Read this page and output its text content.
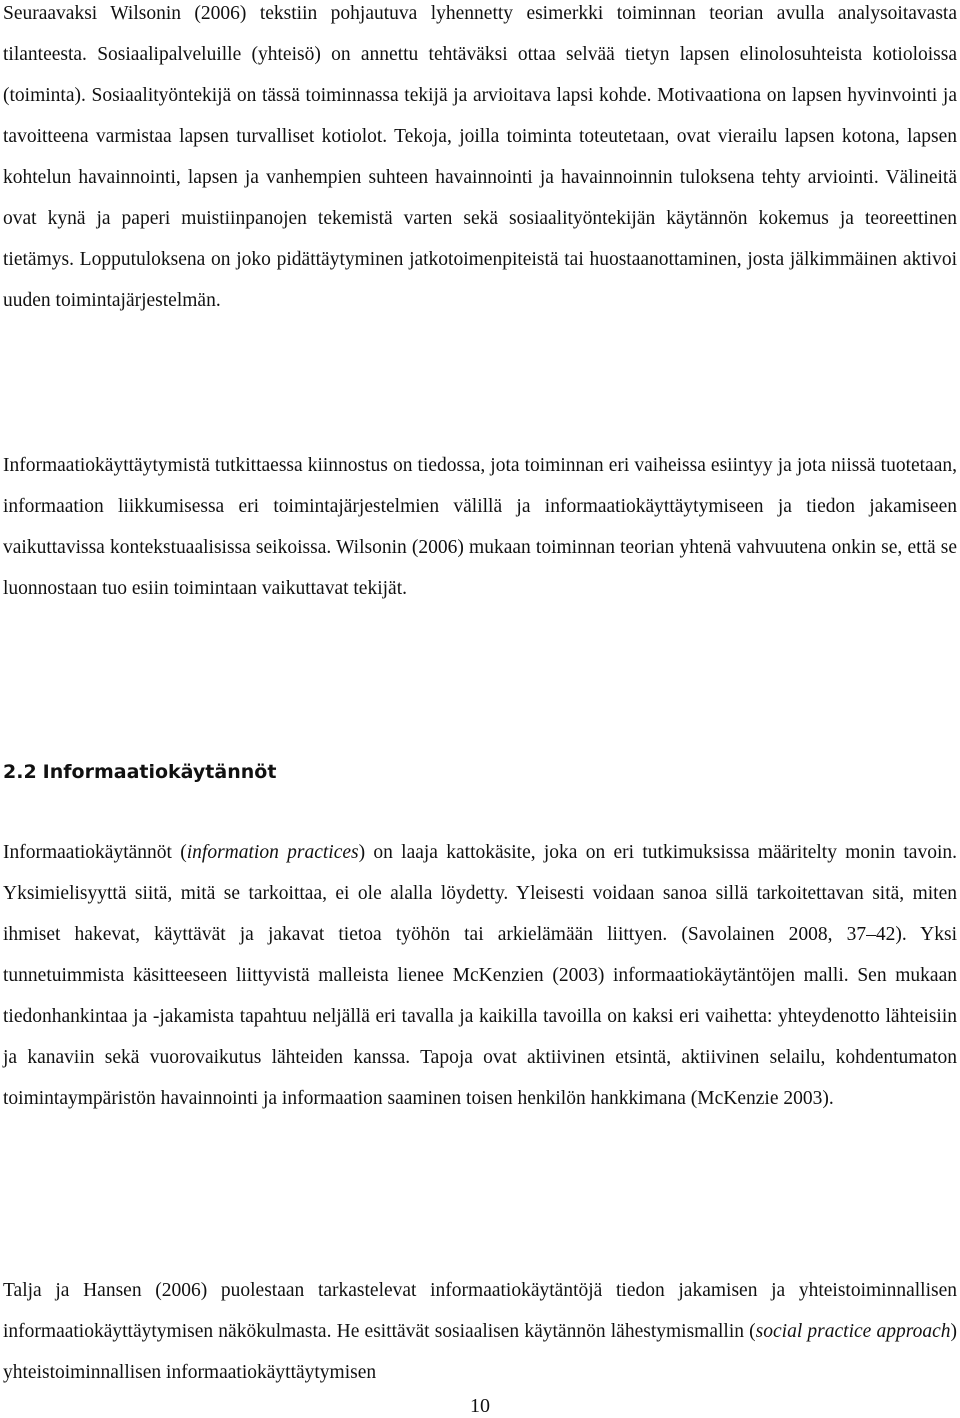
Seuraavaksi Wilsonin (2006) tekstiin pohjautuva lyhennetty esimerkki toiminnan teorian avulla analysoitavasta tilanteesta. Sosiaalipalveluille (yhteisö) on annettu tehtäväksi ottaa selvää tietyn lapsen elinolosuhteista kotioloissa (toiminta). Sosiaalityöntekijä on tässä toiminnassa tekijä ja arvioitava lapsi kohde. Motivaationa on lapsen hyvinvointi ja tavoitteena varmistaa lapsen turvalliset kotiolot. Tekoja, joilla toiminta toteutetaan, ovat vierailu lapsen kotona, lapsen kohtelun havainnointi, lapsen ja vanhempien suhteen havainnointi ja havainnoinnin tuloksena tehty arviointi. Välineitä ovat kynä ja paperi muistiinpanojen tekemistä varten sekä sosiaalityöntekijän käytännön kokemus ja teoreettinen tietämys. Lopputuloksena on joko pidättäytyminen jatkotoimenpiteistä tai huostaanottaminen, josta jälkimmäinen aktivoi uuden toimintajärjestelmän.

Informaatiokäyttäytymistä tutkittaessa kiinnostus on tiedossa, jota toiminnan eri vaiheissa esiintyy ja jota niissä tuotetaan, informaation liikkumisessa eri toimintajärjestelmien välillä ja informaatiokäyttäytymiseen ja tiedon jakamiseen vaikuttavissa kontekstuaalisissa seikoissa. Wilsonin (2006) mukaan toiminnan teorian yhtenä vahvuutena onkin se, että se luonnostaan tuo esiin toimintaan vaikuttavat tekijät.

2.2 Informaatiokäytännöt

Informaatiokäytännöt (information practices) on laaja kattokäsite, joka on eri tutkimuksissa määritelty monin tavoin. Yksimielisyyttä siitä, mitä se tarkoittaa, ei ole alalla löydetty. Yleisesti voidaan sanoa sillä tarkoitettavan sitä, miten ihmiset hakevat, käyttävät ja jakavat tietoa työhön tai arkielämään liittyen. (Savolainen 2008, 37–42). Yksi tunnetuimmista käsitteeseen liittyvistä malleista lienee McKenzien (2003) informaatiokäytäntöjen malli. Sen mukaan tiedonhankintaa ja -jakamista tapahtuu neljällä eri tavalla ja kaikilla tavoilla on kaksi eri vaihetta: yhteydenotto lähteisiin ja kanaviin sekä vuorovaikutus lähteiden kanssa. Tapoja ovat aktiivinen etsintä, aktiivinen selailu, kohdentumaton toimintaympäristön havainnointi ja informaation saaminen toisen henkilön hankkimana (McKenzie 2003).

Talja ja Hansen (2006) puolestaan tarkastelevat informaatiokäytäntöjä tiedon jakamisen ja yhteistoiminnallisen informaatiokäyttäytymisen näkökulmasta. He esittävät sosiaalisen käytännön lähestymismallin (social practice approach) yhteistoiminnallisen informaatiokäyttäytymisen

10
